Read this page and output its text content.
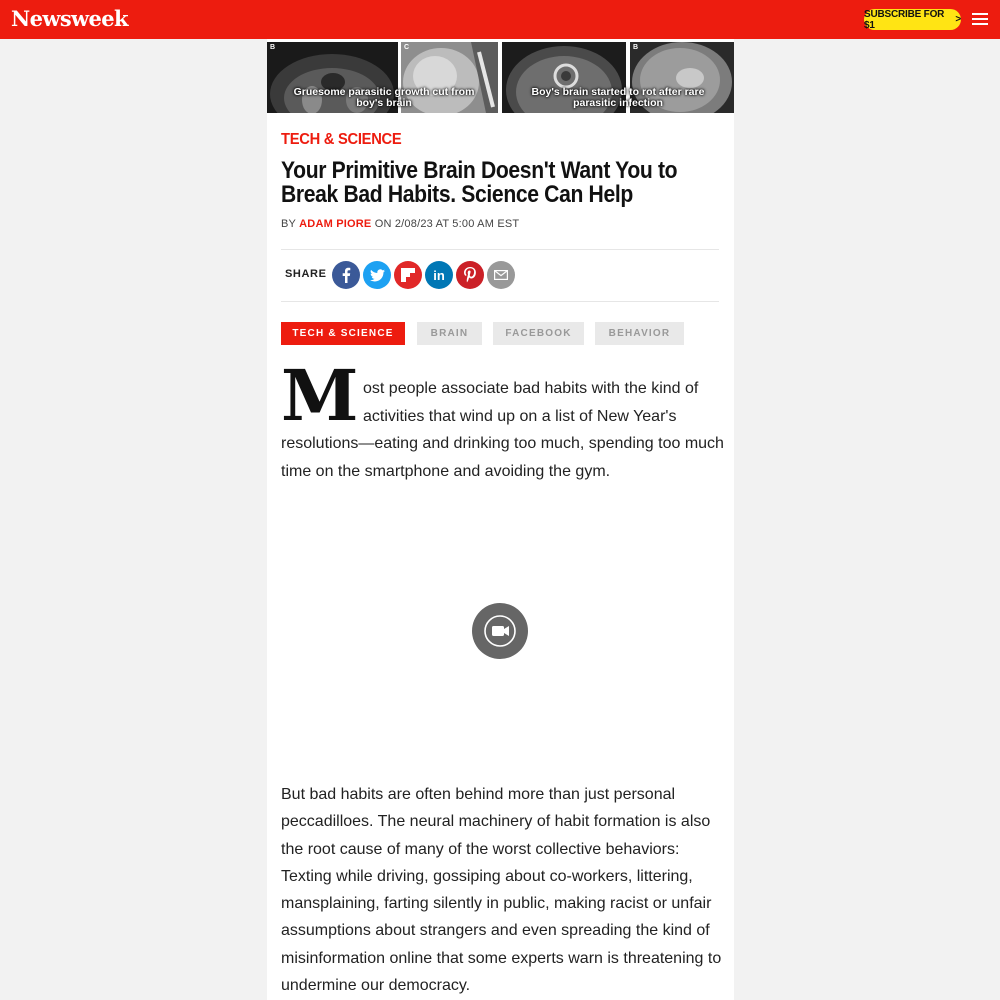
Newsweek	SUBSCRIBE FOR $1	>
B	C
Gruesome parasitic growth cut from boy's brain
B
Boy's brain started to rot after rare parasitic infection
TECH & SCIENCE
Your Primitive Brain Doesn't Want You to
Break Bad Habits. Science Can Help
BY ADAM PIORE ON 2/08/23 AT 5:00 AM EST
SHARE	in
TECH & SCIENCE	BRAIN	FACEBOOK	BEHAVIOR
M ost people associate bad habits with the kind of
activities that wind up on a list of New Year's
resolutions—eating and drinking too much, spending too much time on the smartphone and avoiding the gym.
But bad habits are often behind more than just personal peccadilloes. The neural machinery of habit formation is also the root cause of many of the worst collective behaviors: Texting while driving, gossiping about co-workers, littering, mansplaining, farting silently in public, making racist or unfair assumptions about strangers and even spreading the kind of misinformation online that some experts warn is threatening to undermine our democracy.
